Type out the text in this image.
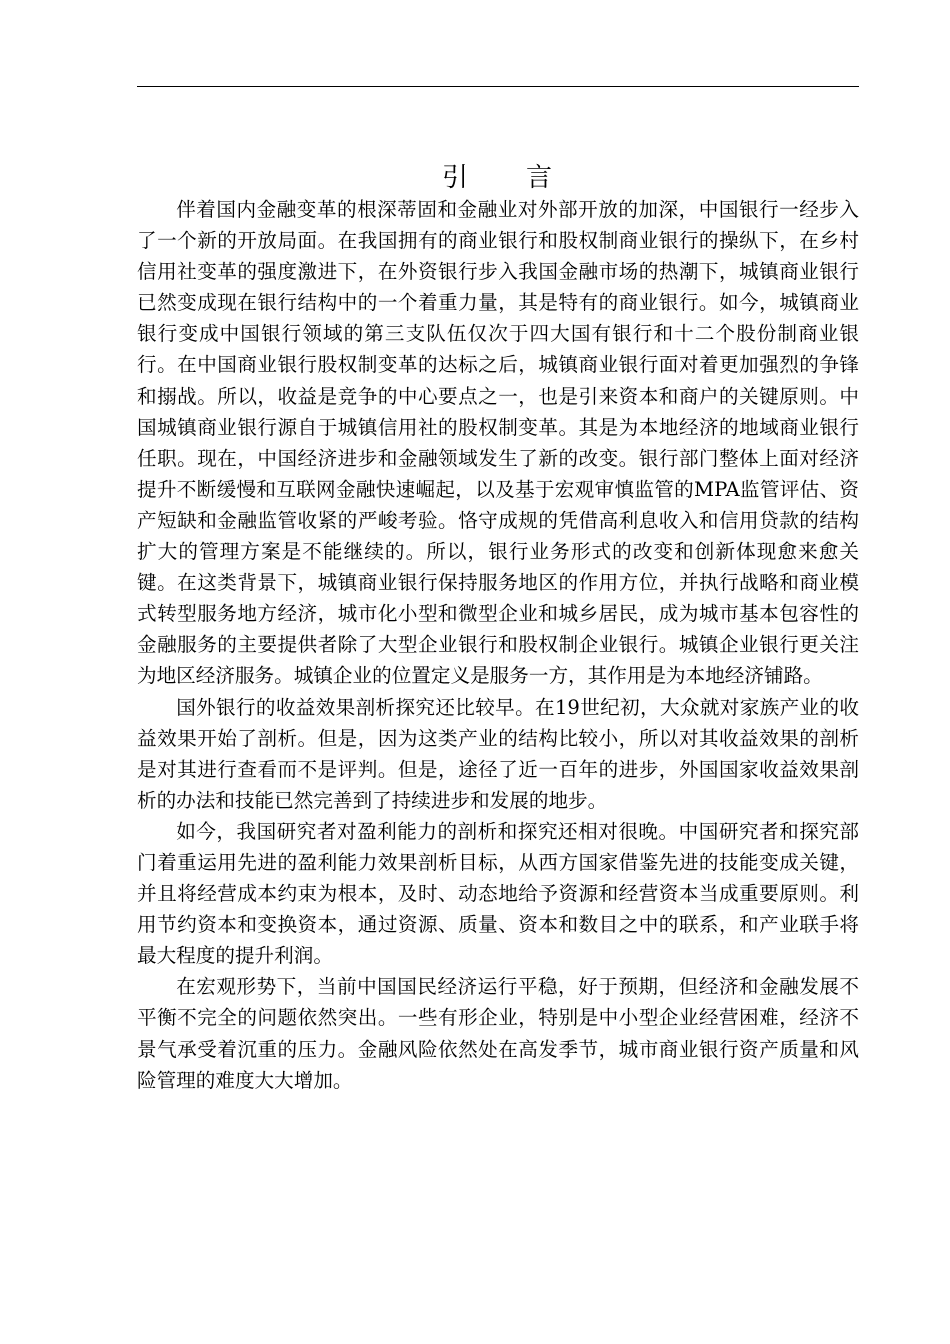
引　　言

伴着国内金融变革的根深蒂固和金融业对外部开放的加深，中国银行一经步入了一个新的开放局面。在我国拥有的商业银行和股权制商业银行的操纵下，在乡村信用社变革的强度激进下，在外资银行步入我国金融市场的热潮下，城镇商业银行已然变成现在银行结构中的一个着重力量，其是特有的商业银行。如今，城镇商业银行变成中国银行领域的第三支队伍仅次于四大国有银行和十二个股份制商业银行。在中国商业银行股权制变革的达标之后，城镇商业银行面对着更加强烈的争锋和搦战。所以，收益是竞争的中心要点之一，也是引来资本和商户的关键原则。中国城镇商业银行源自于城镇信用社的股权制变革。其是为本地经济的地域商业银行任职。现在，中国经济进步和金融领域发生了新的改变。银行部门整体上面对经济提升不断缓慢和互联网金融快速崛起，以及基于宏观审慎监管的MPA监管评估、资产短缺和金融监管收紧的严峻考验。恪守成规的凭借高利息收入和信用贷款的结构扩大的管理方案是不能继续的。所以，银行业务形式的改变和创新体现愈来愈关键。在这类背景下，城镇商业银行保持服务地区的作用方位，并执行战略和商业模式转型服务地方经济，城市化小型和微型企业和城乡居民，成为城市基本包容性的金融服务的主要提供者除了大型企业银行和股权制企业银行。城镇企业银行更关注为地区经济服务。城镇企业的位置定义是服务一方，其作用是为本地经济铺路。

国外银行的收益效果剖析探究还比较早。在19世纪初，大众就对家族产业的收益效果开始了剖析。但是，因为这类产业的结构比较小，所以对其收益效果的剖析是对其进行查看而不是评判。但是，途径了近一百年的进步，外国国家收益效果剖析的办法和技能已然完善到了持续进步和发展的地步。

如今，我国研究者对盈利能力的剖析和探究还相对很晚。中国研究者和探究部门着重运用先进的盈利能力效果剖析目标，从西方国家借鉴先进的技能变成关键，并且将经营成本约束为根本，及时、动态地给予资源和经营资本当成重要原则。利用节约资本和变换资本，通过资源、质量、资本和数目之中的联系，和产业联手将最大程度的提升利润。

在宏观形势下，当前中国国民经济运行平稳，好于预期，但经济和金融发展不平衡不完全的问题依然突出。一些有形企业，特别是中小型企业经营困难，经济不景气承受着沉重的压力。金融风险依然处在高发季节，城市商业银行资产质量和风险管理的难度大大增加。
